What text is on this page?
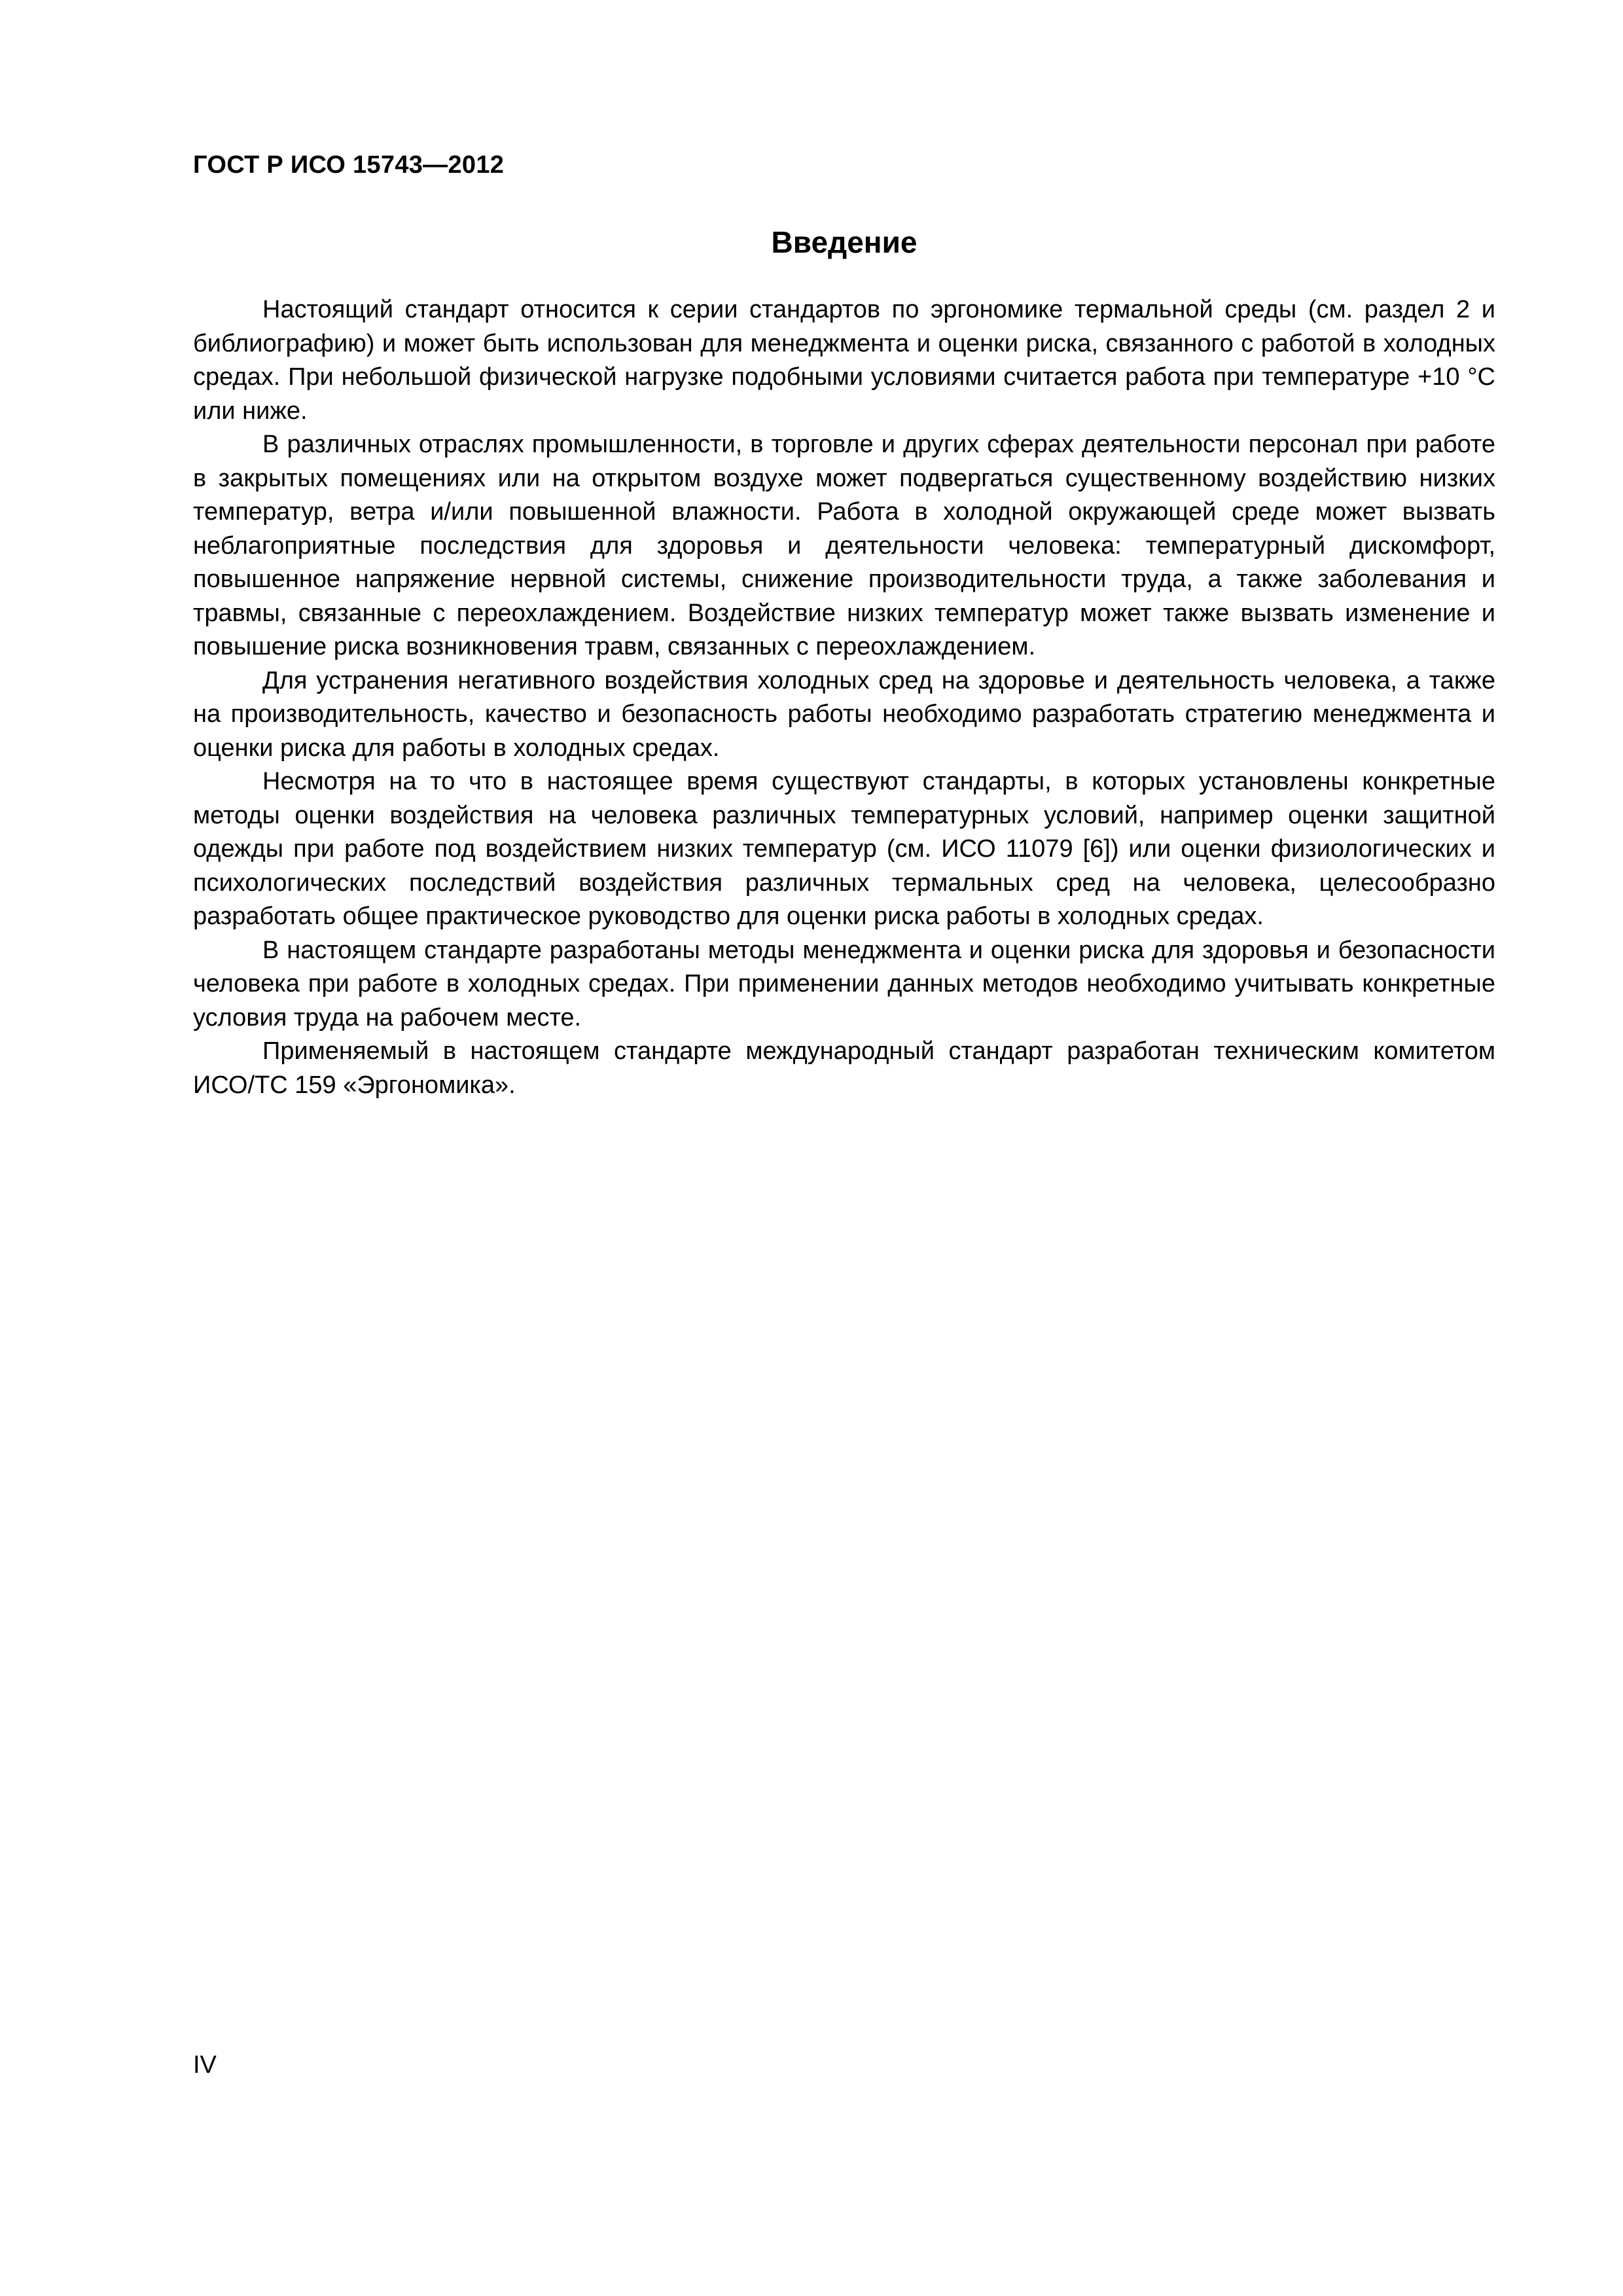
ГОСТ Р ИСО 15743—2012

Введение

Настоящий стандарт относится к серии стандартов по эргономике термальной среды (см. раздел 2 и библиографию) и может быть использован для менеджмента и оценки риска, связанного с работой в холодных средах. При небольшой физической нагрузке подобными условиями считается работа при температуре +10 °С или ниже.

В различных отраслях промышленности, в торговле и других сферах деятельности персонал при работе в закрытых помещениях или на открытом воздухе может подвергаться существенному воздействию низких температур, ветра и/или повышенной влажности. Работа в холодной окружающей среде может вызвать неблагоприятные последствия для здоровья и деятельности человека: температурный дискомфорт, повышенное напряжение нервной системы, снижение производительности труда, а также заболевания и травмы, связанные с переохлаждением. Воздействие низких температур может также вызвать изменение и повышение риска возникновения травм, связанных с переохлаждением.

Для устранения негативного воздействия холодных сред на здоровье и деятельность человека, а также на производительность, качество и безопасность работы необходимо разработать стратегию менеджмента и оценки риска для работы в холодных средах.

Несмотря на то что в настоящее время существуют стандарты, в которых установлены конкретные методы оценки воздействия на человека различных температурных условий, например оценки защитной одежды при работе под воздействием низких температур (см. ИСО 11079 [6]) или оценки физиологических и психологических последствий воздействия различных термальных сред на человека, целесообразно разработать общее практическое руководство для оценки риска работы в холодных средах.

В настоящем стандарте разработаны методы менеджмента и оценки риска для здоровья и безопасности человека при работе в холодных средах. При применении данных методов необходимо учитывать конкретные условия труда на рабочем месте.

Применяемый в настоящем стандарте международный стандарт разработан техническим комитетом ИСО/ТС 159 «Эргономика».

IV
